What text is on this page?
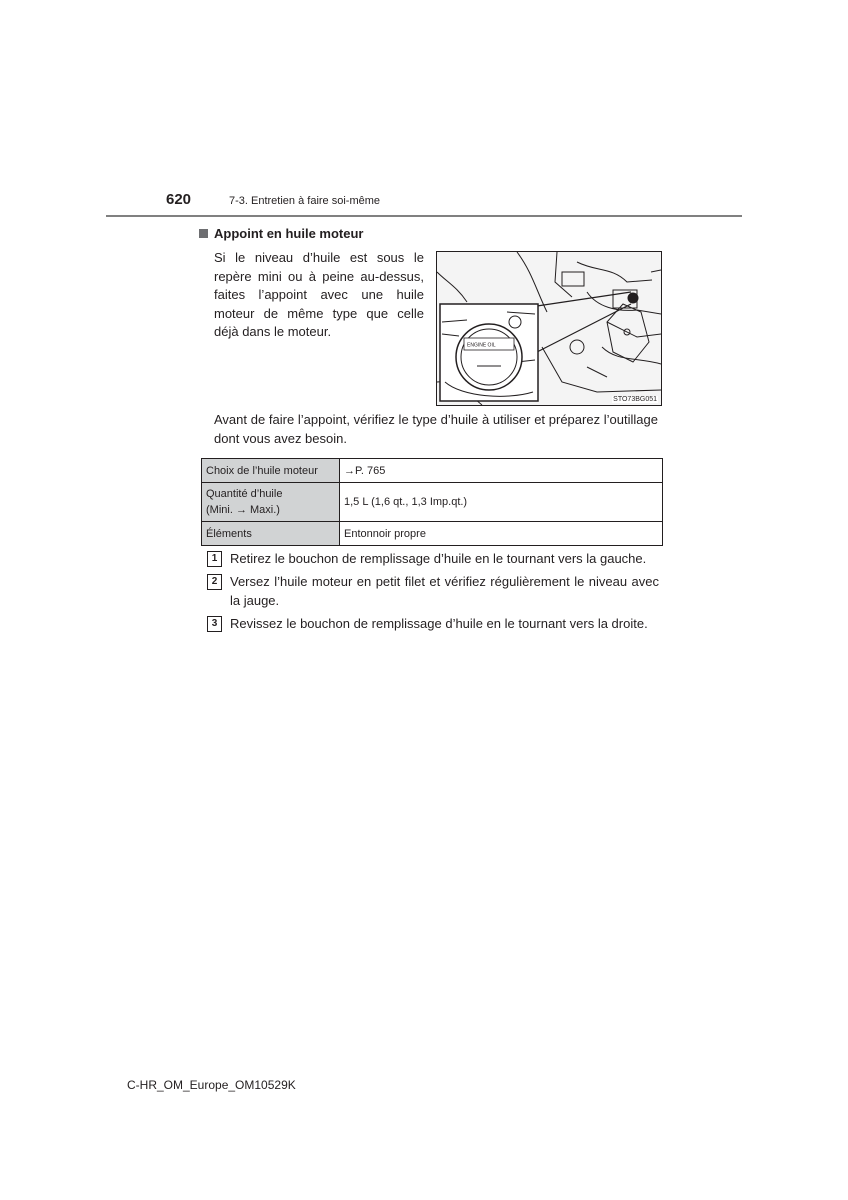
620	7-3. Entretien à faire soi-même
Appoint en huile moteur
Si le niveau d’huile est sous le repère mini ou à peine au-dessus, faites l’appoint avec une huile moteur de même type que celle déjà dans le moteur.
ENGINE OIL
STO73BG051
Avant de faire l’appoint, vérifiez le type d’huile à utiliser et préparez l’outillage dont vous avez besoin.
Choix de l’huile moteur	→P. 765
Quantité d’huile
(Mini. → Maxi.)	1,5 L (1,6 qt., 1,3 Imp.qt.)
Éléments	Entonnoir propre
1 Retirez le bouchon de remplissage d’huile en le tournant vers la gauche.
2 Versez l’huile moteur en petit filet et vérifiez régulièrement le niveau avec la jauge.
3 Revissez le bouchon de remplissage d’huile en le tournant vers la droite.
C-HR_OM_Europe_OM10529K
